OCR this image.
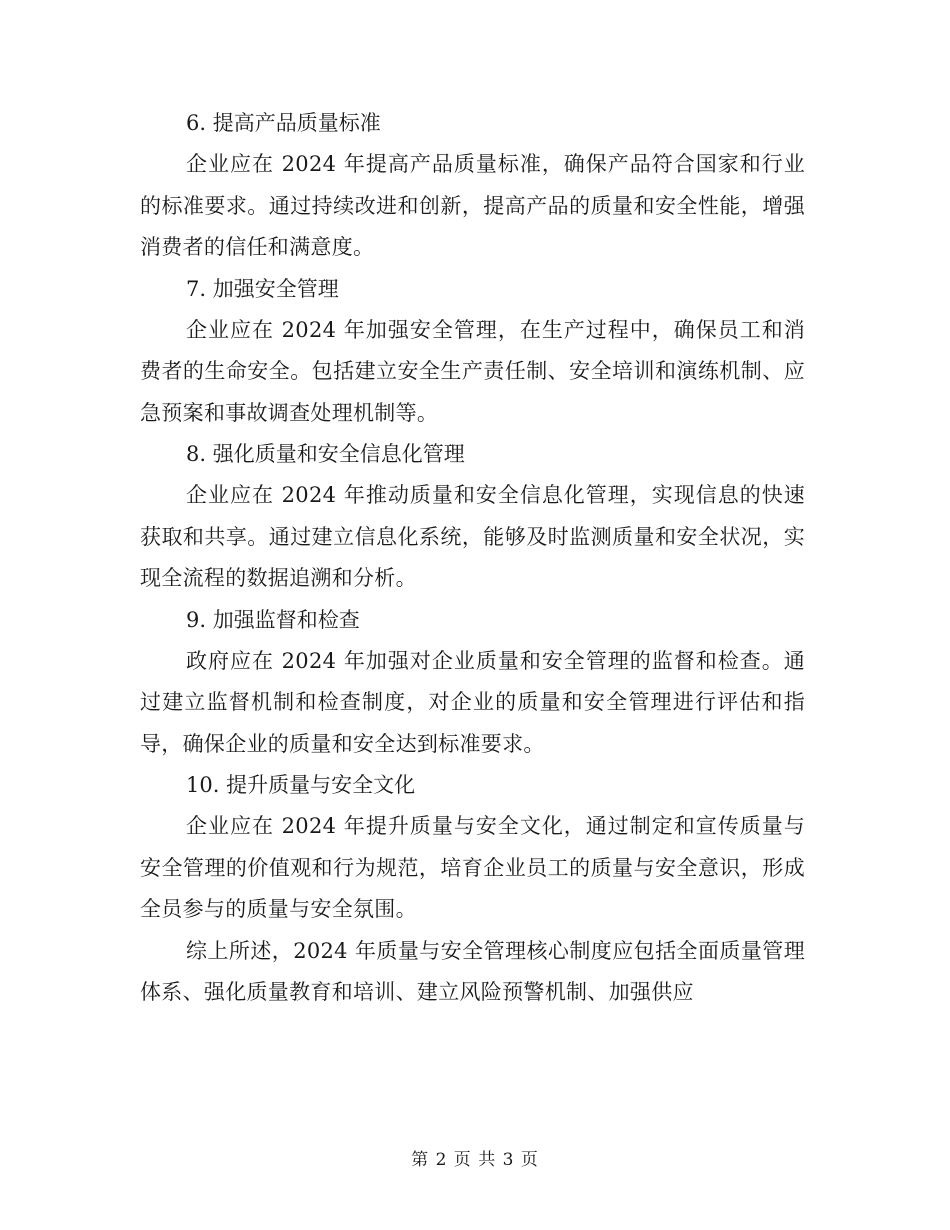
6. 提高产品质量标准

企业应在 2024 年提高产品质量标准，确保产品符合国家和行业的标准要求。通过持续改进和创新，提高产品的质量和安全性能，增强消费者的信任和满意度。

7. 加强安全管理

企业应在 2024 年加强安全管理，在生产过程中，确保员工和消费者的生命安全。包括建立安全生产责任制、安全培训和演练机制、应急预案和事故调查处理机制等。

8. 强化质量和安全信息化管理

企业应在 2024 年推动质量和安全信息化管理，实现信息的快速获取和共享。通过建立信息化系统，能够及时监测质量和安全状况，实现全流程的数据追溯和分析。

9. 加强监督和检查

政府应在 2024 年加强对企业质量和安全管理的监督和检查。通过建立监督机制和检查制度，对企业的质量和安全管理进行评估和指导，确保企业的质量和安全达到标准要求。

10. 提升质量与安全文化

企业应在 2024 年提升质量与安全文化，通过制定和宣传质量与安全管理的价值观和行为规范，培育企业员工的质量与安全意识，形成全员参与的质量与安全氛围。

综上所述，2024 年质量与安全管理核心制度应包括全面质量管理体系、强化质量教育和培训、建立风险预警机制、加强供应

第 2 页 共 3 页
